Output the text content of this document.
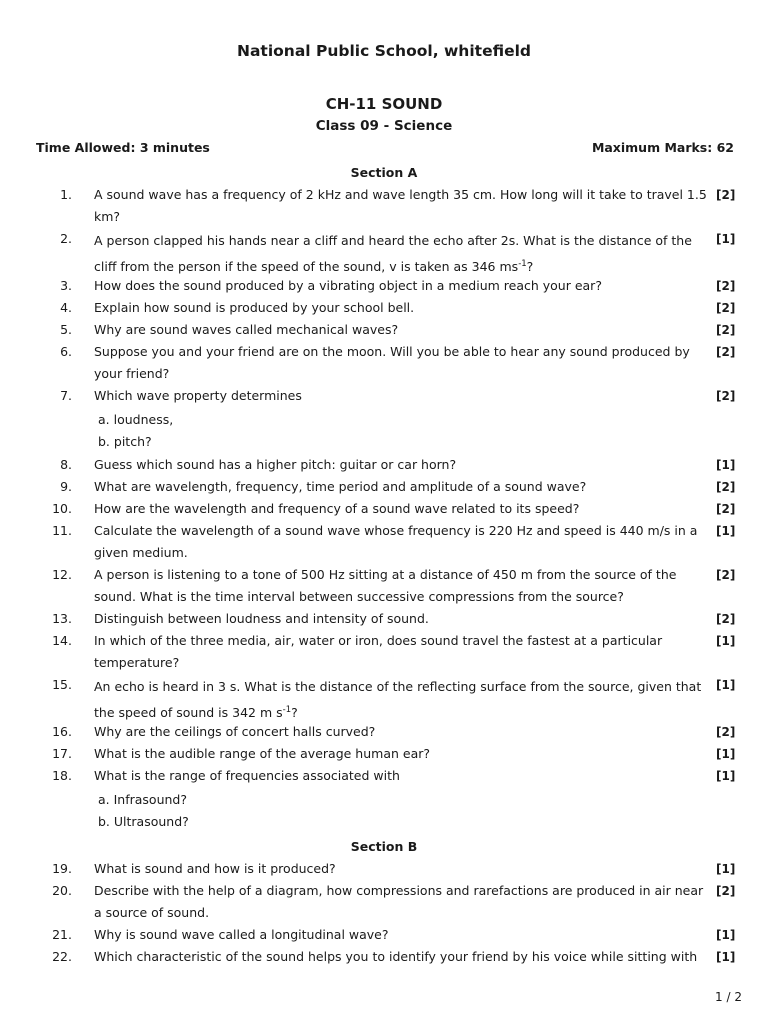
National Public School, whitefield
CH-11 SOUND
Class 09 - Science
Time Allowed: 3 minutes	Maximum Marks: 62
Section A
1. A sound wave has a frequency of 2 kHz and wave length 35 cm. How long will it take to travel 1.5 km?
[2]
2. A person clapped his hands near a cliff and heard the echo after 2s. What is the distance of the cliff from the person if the speed of the sound, v is taken as 346 $ms^{-1}$?
[1]
3. How does the sound produced by a vibrating object in a medium reach your ear?	[2]
4. Explain how sound is produced by your school bell.	[2]
5. Why are sound waves called mechanical waves?	[2]
6. Suppose you and your friend are on the moon. Will you be able to hear any sound produced by your friend?
[2]
7. Which wave property determines
a. loudness,
b. pitch?
[2]
8. Guess which sound has a higher pitch: guitar or car horn?	[1]
9. What are wavelength, frequency, time period and amplitude of a sound wave?	[2]
10. How are the wavelength and frequency of a sound wave related to its speed?	[2]
11. Calculate the wavelength of a sound wave whose frequency is 220 Hz and speed is 440 m/s in a given medium.
[1]
12. A person is listening to a tone of 500 Hz sitting at a distance of 450 m from the source of the sound. What is the time interval between successive compressions from the source?
[2]
13. Distinguish between loudness and intensity of sound.	[2]
14. In which of the three media, air, water or iron, does sound travel the fastest at a particular temperature?
[1]
15. An echo is heard in 3 s. What is the distance of the reflecting surface from the source, given that the speed of sound is 342 m $s^{-1}$?
[1]
16. Why are the ceilings of concert halls curved?	[2]
17. What is the audible range of the average human ear?	[1]
18. What is the range of frequencies associated with
a. Infrasound?
b. Ultrasound?
[1]
Section B
19. What is sound and how is it produced?	[1]
20. Describe with the help of a diagram, how compressions and rarefactions are produced in air near a source of sound.
[2]
21. Why is sound wave called a longitudinal wave?	[1]
22. Which characteristic of the sound helps you to identify your friend by his voice while sitting with	[1]
1 / 2
